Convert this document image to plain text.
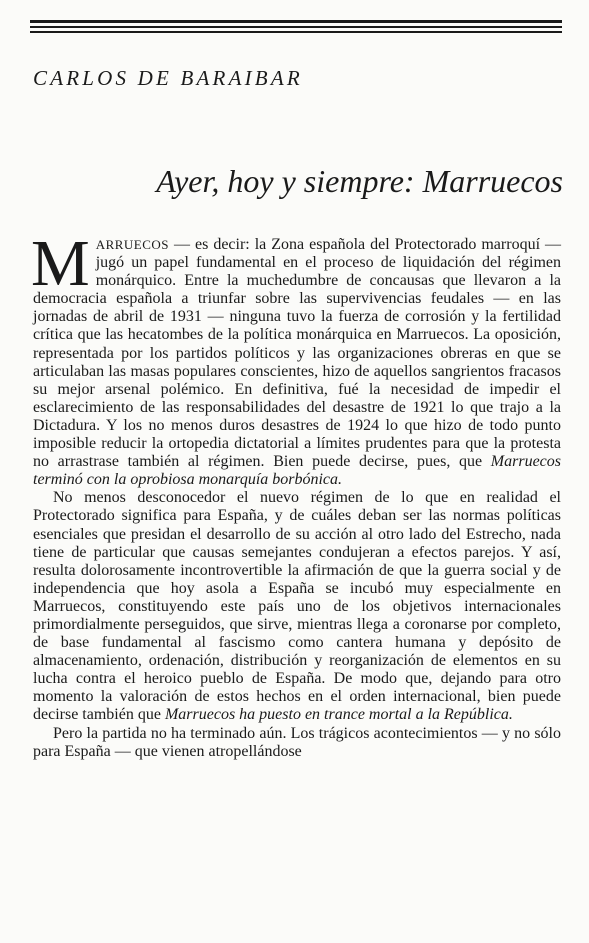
CARLOS DE BARAIBAR
Ayer, hoy y siempre: Marruecos

MARRUECOS — es decir: la Zona española del Protectorado marroquí — jugó un papel fundamental en el proceso de liquidación del régimen monárquico. Entre la muchedumbre de concausas que llevaron a la democracia española a triunfar sobre las supervivencias feudales — en las jornadas de abril de 1931 — ninguna tuvo la fuerza de corrosión y la fertilidad crítica que las hecatombes de la política monárquica en Marruecos. La oposición, representada por los partidos políticos y las organizaciones obreras en que se articulaban las masas populares conscientes, hizo de aquellos sangrientos fracasos su mejor arsenal polémico. En definitiva, fué la necesidad de impedir el esclarecimiento de las responsabilidades del desastre de 1921 lo que trajo a la Dictadura. Y los no menos duros desastres de 1924 lo que hizo de todo punto imposible reducir la ortopedia dictatorial a límites prudentes para que la protesta no arrastrase también al régimen. Bien puede decirse, pues, que Marruecos terminó con la oprobiosa monarquía borbónica.

No menos desconocedor el nuevo régimen de lo que en realidad el Protectorado significa para España, y de cuáles deban ser las normas políticas esenciales que presidan el desarrollo de su acción al otro lado del Estrecho, nada tiene de particular que causas semejantes condujeran a efectos parejos. Y así, resulta dolorosamente incontrovertible la afirmación de que la guerra social y de independencia que hoy asola a España se incubó muy especialmente en Marruecos, constituyendo este país uno de los objetivos internacionales primordialmente perseguidos, que sirve, mientras llega a coronarse por completo, de base fundamental al fascismo como cantera humana y depósito de almacenamiento, ordenación, distribución y reorganización de elementos en su lucha contra el heroico pueblo de España. De modo que, dejando para otro momento la valoración de estos hechos en el orden internacional, bien puede decirse también que Marruecos ha puesto en trance mortal a la República.

Pero la partida no ha terminado aún. Los trágicos acontecimientos — y no sólo para España — que vienen atropellándose
